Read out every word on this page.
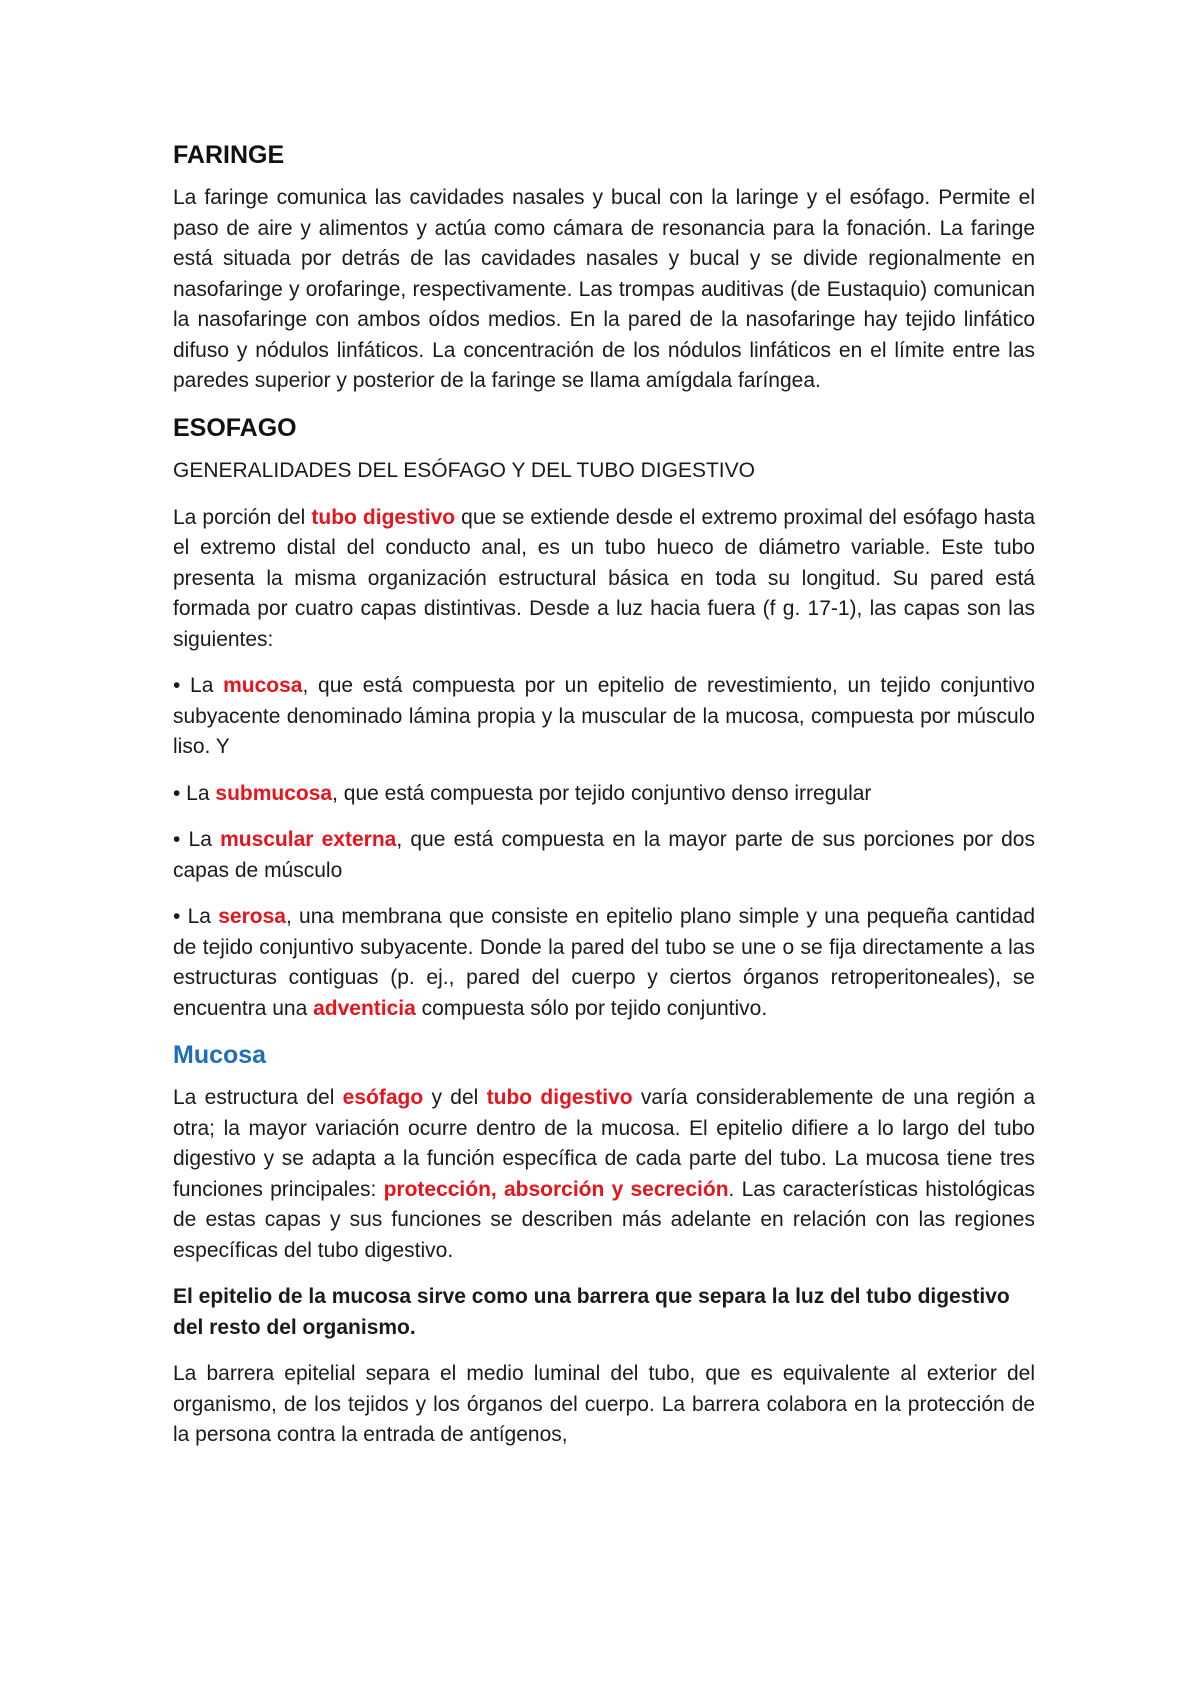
FARINGE

La faringe comunica las cavidades nasales y bucal con la laringe y el esófago. Permite el paso de aire y alimentos y actúa como cámara de resonancia para la fonación. La faringe está situada por detrás de las cavidades nasales y bucal y se divide regionalmente en nasofaringe y orofaringe, respectivamente. Las trompas auditivas (de Eustaquio) comunican la nasofaringe con ambos oídos medios. En la pared de la nasofaringe hay tejido linfático difuso y nódulos linfáticos. La concentración de los nódulos linfáticos en el límite entre las paredes superior y posterior de la faringe se llama amígdala faríngea.

ESOFAGO

GENERALIDADES DEL ESÓFAGO Y DEL TUBO DIGESTIVO

La porción del tubo digestivo que se extiende desde el extremo proximal del esófago hasta el extremo distal del conducto anal, es un tubo hueco de diámetro variable. Este tubo presenta la misma organización estructural básica en toda su longitud. Su pared está formada por cuatro capas distintivas. Desde a luz hacia fuera (f g. 17-1), las capas son las siguientes:

• La mucosa, que está compuesta por un epitelio de revestimiento, un tejido conjuntivo subyacente denominado lámina propia y la muscular de la mucosa, compuesta por músculo liso. Y

• La submucosa, que está compuesta por tejido conjuntivo denso irregular

• La muscular externa, que está compuesta en la mayor parte de sus porciones por dos capas de músculo

• La serosa, una membrana que consiste en epitelio plano simple y una pequeña cantidad de tejido conjuntivo subyacente. Donde la pared del tubo se une o se fija directamente a las estructuras contiguas (p. ej., pared del cuerpo y ciertos órganos retroperitoneales), se encuentra una adventicia compuesta sólo por tejido conjuntivo.

Mucosa

La estructura del esófago y del tubo digestivo varía considerablemente de una región a otra; la mayor variación ocurre dentro de la mucosa. El epitelio difiere a lo largo del tubo digestivo y se adapta a la función específica de cada parte del tubo. La mucosa tiene tres funciones principales: protección, absorción y secreción. Las características histológicas de estas capas y sus funciones se describen más adelante en relación con las regiones específicas del tubo digestivo.

El epitelio de la mucosa sirve como una barrera que separa la luz del tubo digestivo del resto del organismo.

La barrera epitelial separa el medio luminal del tubo, que es equivalente al exterior del organismo, de los tejidos y los órganos del cuerpo. La barrera colabora en la protección de la persona contra la entrada de antígenos,
